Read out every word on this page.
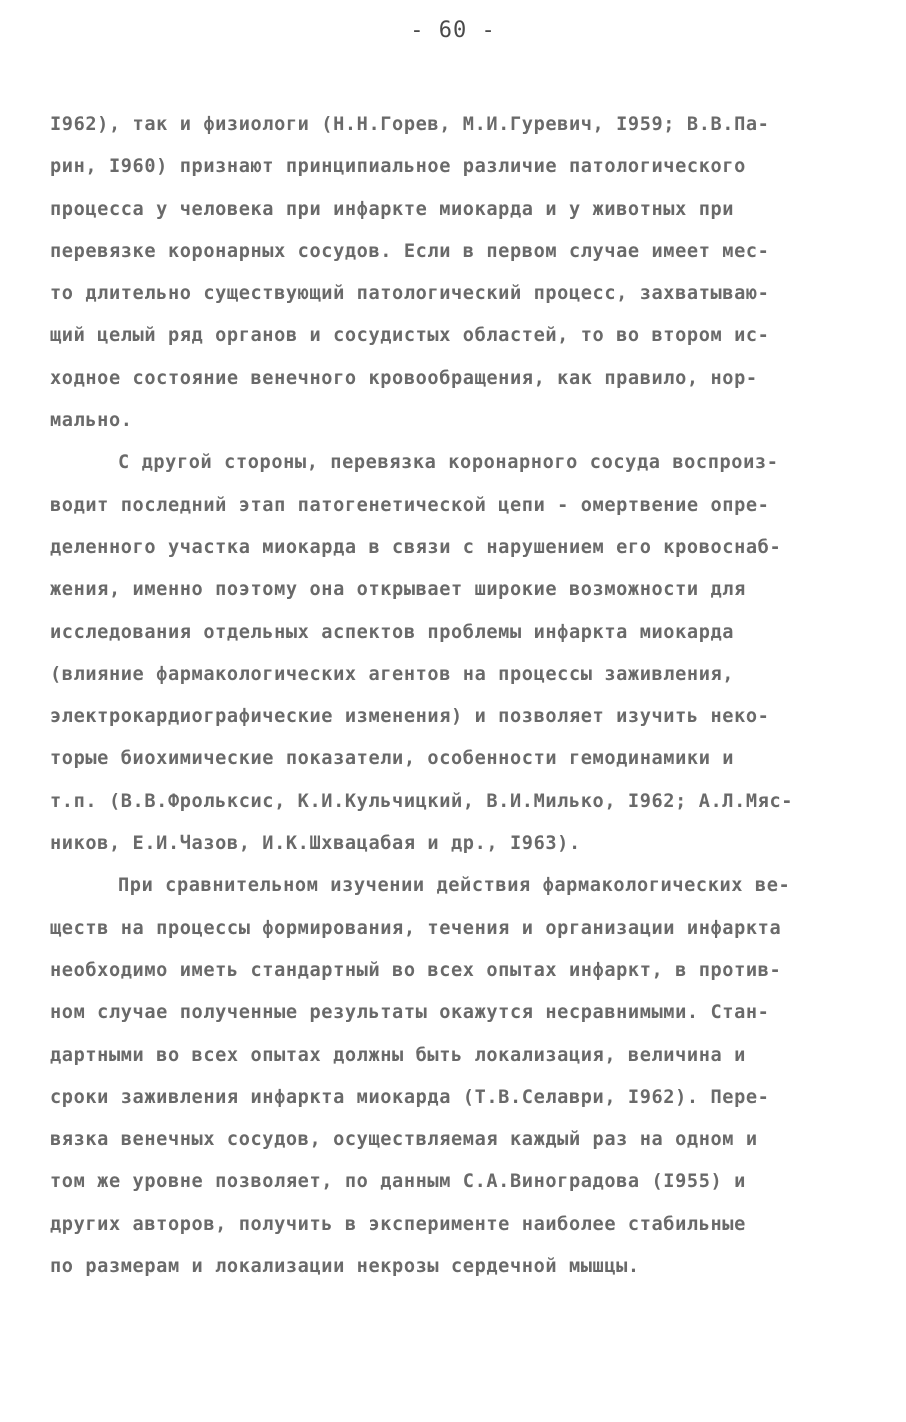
- 60 -
I962), так и физиологи (Н.Н.Горев, М.И.Гуревич, I959; В.В.Па-
рин, I960) признают принципиальное различие патологического
процесса у человека при инфаркте миокарда и у животных при
перевязке коронарных сосудов. Если в первом случае имеет мес-
то длительно существующий патологический процесс, захватываю-
щий целый ряд органов и сосудистых областей, то во втором ис-
ходное состояние венечного кровообращения, как правило, нор-
мально.
С другой стороны, перевязка коронарного сосуда воспроиз-
водит последний этап патогенетической цепи - омертвение опре-
деленного участка миокарда в связи с нарушением его кровоснаб-
жения, именно поэтому она открывает широкие возможности для
исследования отдельных аспектов проблемы инфаркта миокарда
(влияние фармакологических агентов на процессы заживления,
электрокардиографические изменения) и позволяет изучить неко-
торые биохимические показатели, особенности гемодинамики и
т.п. (В.В.Фрольксис, К.И.Кульчицкий, В.И.Милько, I962; А.Л.Мяс-
ников, Е.И.Чазов, И.К.Шхвацабая и др., I963).
При сравнительном изучении действия фармакологических ве-
ществ на процессы формирования, течения и организации инфаркта
необходимо иметь стандартный во всех опытах инфаркт, в против-
ном случае полученные результаты окажутся несравнимыми. Стан-
дартными во всех опытах должны быть локализация, величина и
сроки заживления инфаркта миокарда (Т.В.Селаври, I962). Пере-
вязка венечных сосудов, осуществляемая каждый раз на одном и
том же уровне позволяет, по данным С.А.Виноградова (I955) и
других авторов, получить в эксперименте наиболее стабильные
по размерам и локализации некрозы сердечной мышцы.
